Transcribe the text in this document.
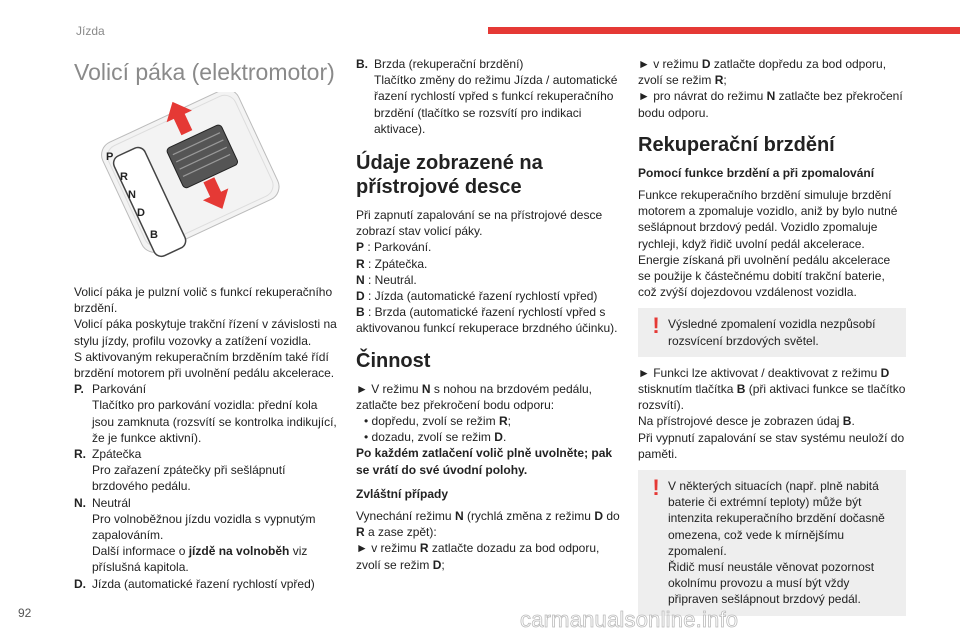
Jízda
Volicí páka (elektromotor)
P
R
N
D
B

Volicí páka je pulzní volič s funkcí rekuperačního brzdění.
Volicí páka poskytuje trakční řízení v závislosti na stylu jízdy, profilu vozovky a zatížení vozidla.
S aktivovaným rekuperačním brzděním také řídí brzdění motorem při uvolnění pedálu akcelerace.

P. Parkování
Tlačítko pro parkování vozidla: přední kola jsou zamknuta (rozsvítí se kontrolka indikující, že je funkce aktivní).
R. Zpátečka
Pro zařazení zpátečky při sešlápnutí brzdového pedálu.
N. Neutrál
Pro volnoběžnou jízdu vozidla s vypnutým zapalováním.
Další informace o jízdě na volnoběh viz příslušná kapitola.
D. Jízda (automatické řazení rychlostí vpřed)
B. Brzda (rekuperační brzdění)
Tlačítko změny do režimu Jízda / automatické řazení rychlostí vpřed s funkcí rekuperačního brzdění (tlačítko se rozsvítí pro indikaci aktivace).
Údaje zobrazené na přístrojové desce

Při zapnutí zapalování se na přístrojové desce zobrazí stav volicí páky.

P : Parkování.
R : Zpátečka.
N : Neutrál.
D : Jízda (automatické řazení rychlostí vpřed)
B : Brzda (automatické řazení rychlostí vpřed s aktivovanou funkcí rekuperace brzdného účinku).
Činnost

► V režimu N s nohou na brzdovém pedálu, zatlačte bez překročení bodu odporu:

• dopředu, zvolí se režim R;
• dozadu, zvolí se režim D.

Po každém zatlačení volič plně uvolněte; pak se vrátí do své úvodní polohy.

Zvláštní případy

Vynechání režimu N (rychlá změna z režimu D do R a zase zpět):

► v režimu R zatlačte dozadu za bod odporu, zvolí se režim D;

► v režimu D zatlačte dopředu za bod odporu, zvolí se režim R;

► pro návrat do režimu N zatlačte bez překročení bodu odporu.

Rekuperační brzdění
Pomocí funkce brzdění a při zpomalování

Funkce rekuperačního brzdění simuluje brzdění motorem a zpomaluje vozidlo, aniž by bylo nutné sešlápnout brzdový pedál. Vozidlo zpomaluje rychleji, když řidič uvolní pedál akcelerace. Energie získaná při uvolnění pedálu akcelerace se použije k částečnému dobití trakční baterie, což zvýší dojezdovou vzdálenost vozidla.

! Výsledné zpomalení vozidla nezpůsobí rozsvícení brzdových světel.

► Funkci lze aktivovat / deaktivovat z režimu D stisknutím tlačítka B (při aktivaci funkce se tlačítko rozsvítí).

Na přístrojové desce je zobrazen údaj B.

Při vypnutí zapalování se stav systému neuloží do paměti.

! V některých situacích (např. plně nabitá baterie či extrémní teploty) může být intenzita rekuperačního brzdění dočasně omezena, což vede k mírnějšímu zpomalení.
Řidič musí neustále věnovat pozornost okolnímu provozu a musí být vždy připraven sešlápnout brzdový pedál.
92	carmanualsonline.info
